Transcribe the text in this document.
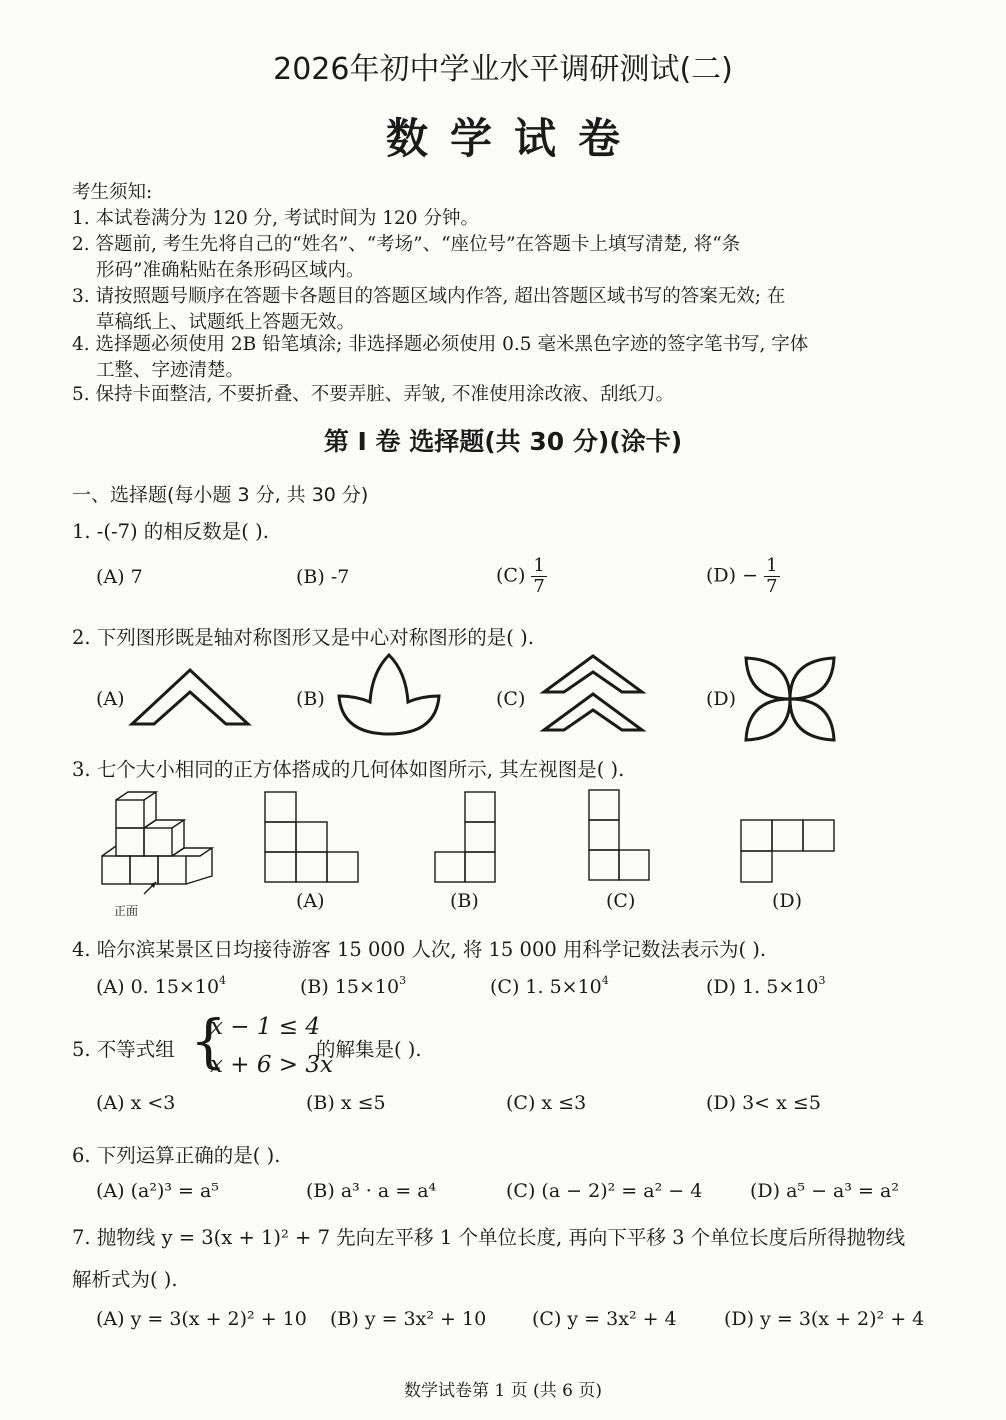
2026年初中学业水平调研测试(二)
数学试卷
考生须知:
1. 本试卷满分为 120 分, 考试时间为 120 分钟。
2. 答题前, 考生先将自己的“姓名”、“考场”、“座位号”在答题卡上填写清楚, 将“条
形码”准确粘贴在条形码区域内。
3. 请按照题号顺序在答题卡各题目的答题区域内作答, 超出答题区域书写的答案无效; 在
草稿纸上、试题纸上答题无效。
4. 选择题必须使用 2B 铅笔填涂; 非选择题必须使用 0.5 毫米黑色字迹的签字笔书写, 字体
工整、字迹清楚。
5. 保持卡面整洁, 不要折叠、不要弄脏、弄皱, 不准使用涂改液、刮纸刀。
第 I 卷 选择题(共 30 分)(涂卡)
一、选择题(每小题 3 分, 共 30 分)
1. -(-7) 的相反数是( ).
(A) 7	(B) -7	$(C) \frac{1}{7}$	$(D) - \frac{1}{7}$
2. 下列图形既是轴对称图形又是中心对称图形的是( ).
(A)	(B)	(C)	(D)
3. 七个大小相同的正方体搭成的几何体如图所示, 其左视图是( ).
正面	(A)	(B)	(C)	(D)
4. 哈尔滨某景区日均接待游客 15 000 人次, 将 15 000 用科学记数法表示为( ).
(A) 0. $15\times 10^4$	(B) $15\times 10^3$	(C) 1. $5\times 10^4$	(D) 1. $5\times 10^3$
5. 不等式组 {
x − 1 ≤ 4
x + 6 > 3x
的解集是( ).
(A) x <3	(B) x ≤5	(C) x ≤3	(D) 3< x ≤5
6. 下列运算正确的是( ).
(A) (a²)³ = a⁵	(B) a³ · a = a⁴	(C) (a − 2)² = a² − 4	(D) a⁵ − a³ = a²
7. 抛物线 y = 3(x + 1)² + 7 先向左平移 1 个单位长度, 再向下平移 3 个单位长度后所得抛物线
解析式为( ).
(A) y = 3(x + 2)² + 10 (B) y = 3x² + 10 (C) y = 3x² + 4 (D) y = 3(x + 2)² + 4
数学试卷第 1 页 (共 6 页)
